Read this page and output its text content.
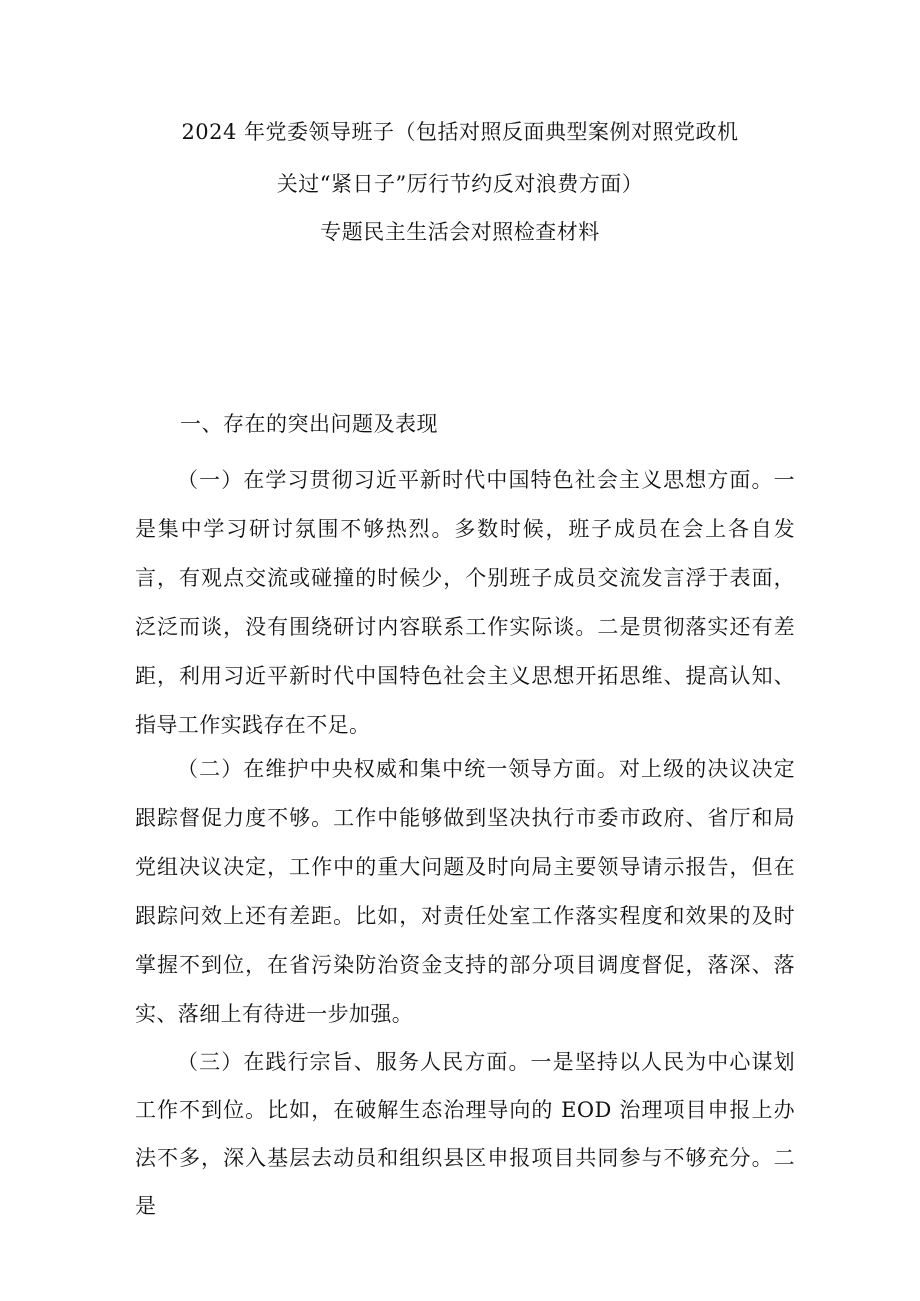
2024 年党委领导班子（包括对照反面典型案例对照党政机
关过“紧日子”厉行节约反对浪费方面）
专题民主生活会对照检查材料
一、存在的突出问题及表现

（一）在学习贯彻习近平新时代中国特色社会主义思想方面。一是集中学习研讨氛围不够热烈。多数时候，班子成员在会上各自发言，有观点交流或碰撞的时候少，个别班子成员交流发言浮于表面，泛泛而谈，没有围绕研讨内容联系工作实际谈。二是贯彻落实还有差距，利用习近平新时代中国特色社会主义思想开拓思维、提高认知、指导工作实践存在不足。

（二）在维护中央权威和集中统一领导方面。对上级的决议决定跟踪督促力度不够。工作中能够做到坚决执行市委市政府、省厅和局党组决议决定，工作中的重大问题及时向局主要领导请示报告，但在跟踪问效上还有差距。比如，对责任处室工作落实程度和效果的及时掌握不到位，在省污染防治资金支持的部分项目调度督促，落深、落实、落细上有待进一步加强。

（三）在践行宗旨、服务人民方面。一是坚持以人民为中心谋划工作不到位。比如，在破解生态治理导向的 EOD 治理项目申报上办法不多，深入基层去动员和组织县区申报项目共同参与不够充分。二是
